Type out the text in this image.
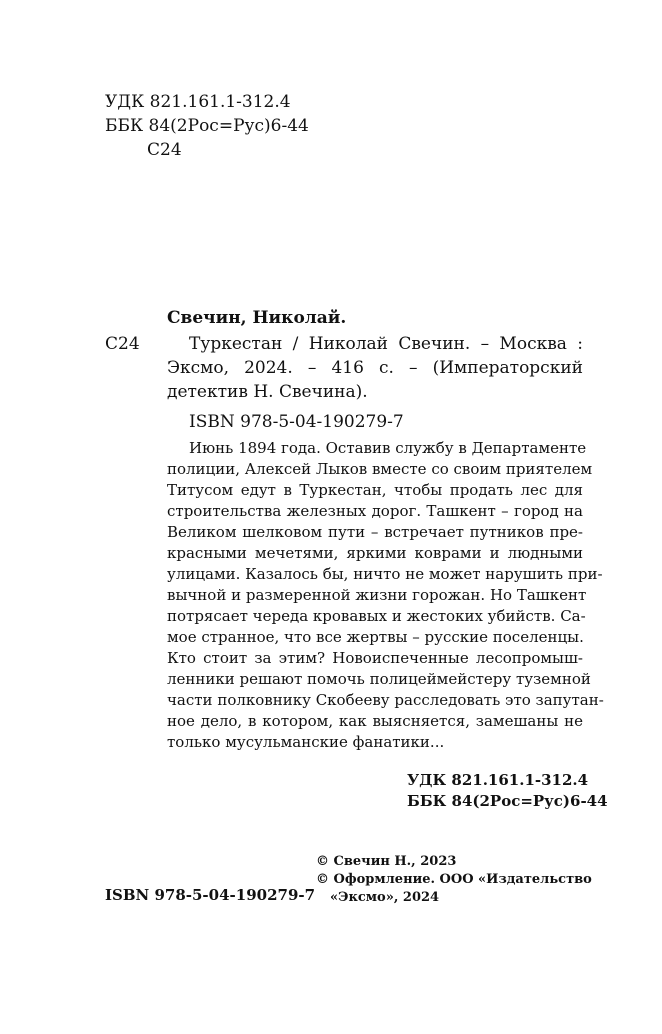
УДК 821.161.1-312.4
ББК 84(2Рос=Рус)6-44
С24
Свечин, Николай.
С24	Туркестан / Николай Свечин. – Москва :
Эксмо, 2024. – 416 с. – (Императорский
детектив Н. Свечина).
ISBN 978-5-04-190279-7
Июнь 1894 года. Оставив службу в Департаменте
полиции, Алексей Лыков вместе со своим приятелем
Титусом едут в Туркестан, чтобы продать лес для
строительства железных дорог. Ташкент – город на
Великом шелковом пути – встречает путников пре-
красными мечетями, яркими коврами и людными
улицами. Казалось бы, ничто не может нарушить при-
вычной и размеренной жизни горожан. Но Ташкент
потрясает череда кровавых и жестоких убийств. Са-
мое странное, что все жертвы – русские поселенцы.
Кто стоит за этим? Новоиспеченные лесопромыш-
ленники решают помочь полицеймейстеру туземной
части полковнику Скобееву расследовать это запутан-
ное дело, в котором, как выясняется, замешаны не
только мусульманские фанатики...
УДК 821.161.1-312.4
ББК 84(2Рос=Рус)6-44
© Свечин Н., 2023
© Оформление. ООО «Издательство
«Эксмо», 2024
ISBN 978-5-04-190279-7
